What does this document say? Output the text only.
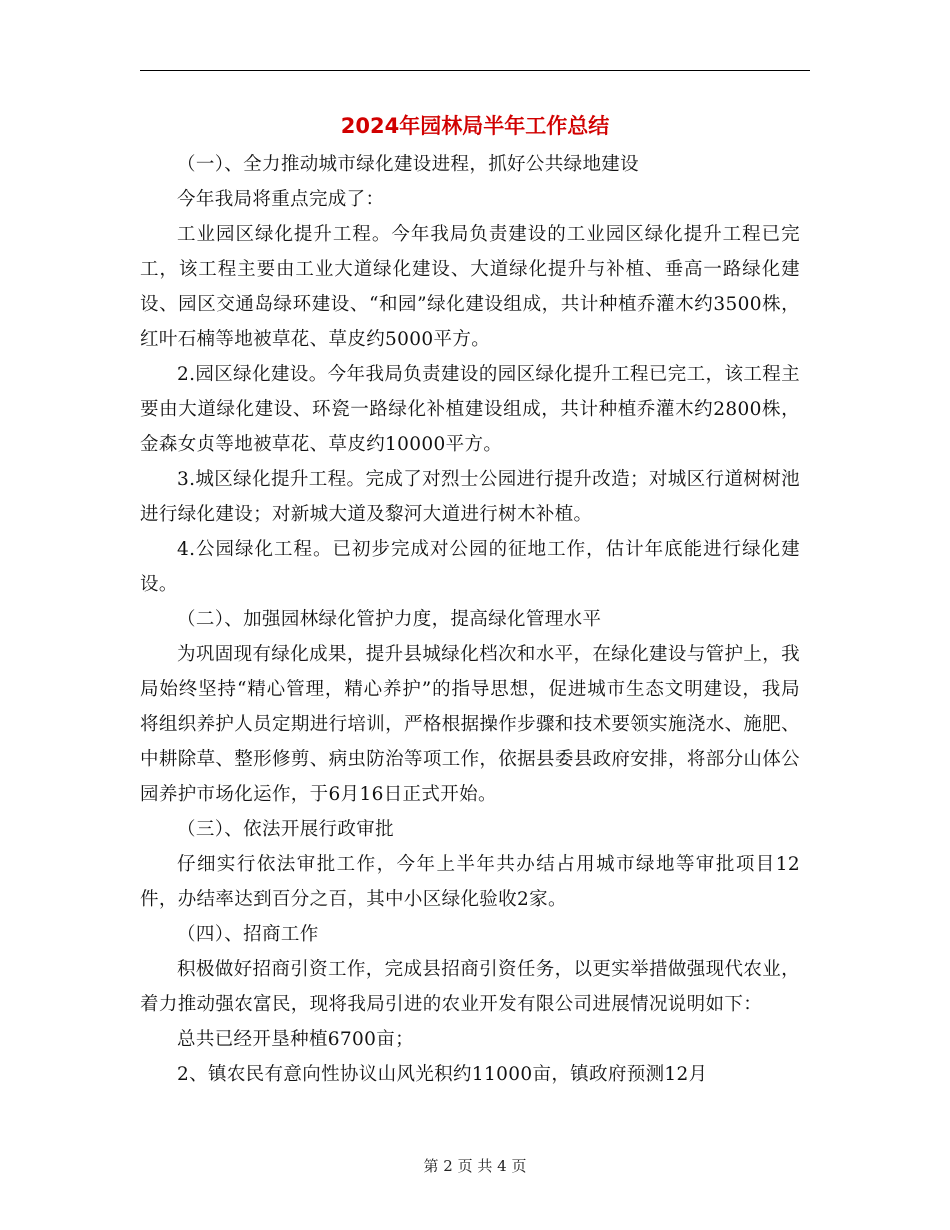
2024年园林局半年工作总结

（一）、全力推动城市绿化建设进程，抓好公共绿地建设

今年我局将重点完成了：

工业园区绿化提升工程。今年我局负责建设的工业园区绿化提升工程已完工，该工程主要由工业大道绿化建设、大道绿化提升与补植、垂高一路绿化建设、园区交通岛绿环建设、“和园”绿化建设组成，共计种植乔灌木约3500株，红叶石楠等地被草花、草皮约5000平方。

2.园区绿化建设。今年我局负责建设的园区绿化提升工程已完工，该工程主要由大道绿化建设、环瓷一路绿化补植建设组成，共计种植乔灌木约2800株，金森女贞等地被草花、草皮约10000平方。

3.城区绿化提升工程。完成了对烈士公园进行提升改造；对城区行道树树池进行绿化建设；对新城大道及黎河大道进行树木补植。

4.公园绿化工程。已初步完成对公园的征地工作，估计年底能进行绿化建设。

（二）、加强园林绿化管护力度，提高绿化管理水平

为巩固现有绿化成果，提升县城绿化档次和水平，在绿化建设与管护上，我局始终坚持“精心管理，精心养护”的指导思想，促进城市生态文明建设，我局将组织养护人员定期进行培训，严格根据操作步骤和技术要领实施浇水、施肥、中耕除草、整形修剪、病虫防治等项工作，依据县委县政府安排，将部分山体公园养护市场化运作，于6月16日正式开始。

（三）、依法开展行政审批

仔细实行依法审批工作，今年上半年共办结占用城市绿地等审批项目12件，办结率达到百分之百，其中小区绿化验收2家。

（四）、招商工作

积极做好招商引资工作，完成县招商引资任务，以更实举措做强现代农业，着力推动强农富民，现将我局引进的农业开发有限公司进展情况说明如下：

总共已经开垦种植6700亩；

2、镇农民有意向性协议山风光积约11000亩，镇政府预测12月

第 2 页 共 4 页
